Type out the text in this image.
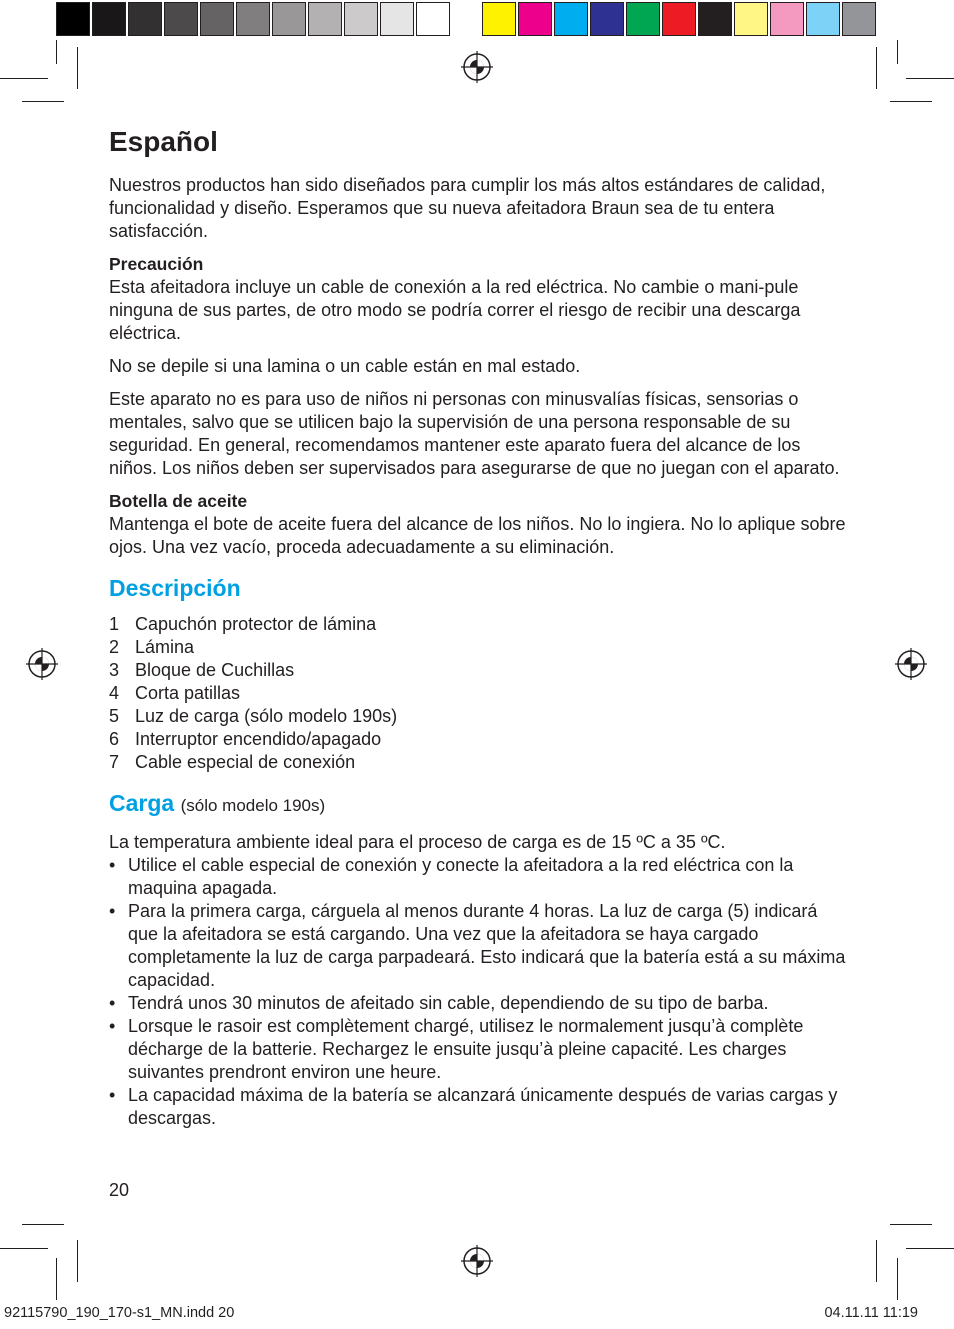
Español

Nuestros productos han sido diseñados para cumplir los más altos estándares de calidad, funcionalidad y diseño. Esperamos que su nueva afeitadora Braun sea de tu entera satisfacción.

Precaución

Esta afeitadora incluye un cable de conexión a la red eléctrica. No cambie o mani-pule ninguna de sus partes, de otro modo se podría correr el riesgo de recibir una descarga eléctrica.

No se depile si una lamina o un cable están en mal estado.

Este aparato no es para uso de niños ni personas con minusvalías físicas, sensorias o mentales, salvo que se utilicen bajo la supervisión de una persona responsable de su seguridad. En general, recomendamos mantener este aparato fuera del alcance de los niños. Los niños deben ser supervisados para asegurarse de que no juegan con el aparato.

Botella de aceite

Mantenga el bote de aceite fuera del alcance de los niños. No lo ingiera. No lo aplique sobre ojos. Una vez vacío, proceda adecuadamente a su eliminación.

Descripción
1 Capuchón protector de lámina
2 Lámina
3 Bloque de Cuchillas
4 Corta patillas
5 Luz de carga (sólo modelo 190s)
6 Interruptor encendido/apagado
7 Cable especial de conexión
Carga (sólo modelo 190s)

La temperatura ambiente ideal para el proceso de carga es de 15 ºC a 35 ºC.

• Utilice el cable especial de conexión y conecte la afeitadora a la red eléctrica con la maquina apagada.
• Para la primera carga, cárguela al menos durante 4 horas. La luz de carga (5) indicará que la afeitadora se está cargando. Una vez que la afeitadora se haya cargado completamente la luz de carga parpadeará. Esto indicará que la batería está a su máxima capacidad.
• Tendrá unos 30 minutos de afeitado sin cable, dependiendo de su tipo de barba.
• Lorsque le rasoir est complètement chargé, utilisez le normalement jusqu’à complète décharge de la batterie. Rechargez le ensuite jusqu’à pleine capacité. Les charges suivantes prendront environ une heure.
• La capacidad máxima de la batería se alcanzará únicamente después de varias cargas y descargas.
20
92115790_190_170-s1_MN.indd 20	04.11.11 11:19
